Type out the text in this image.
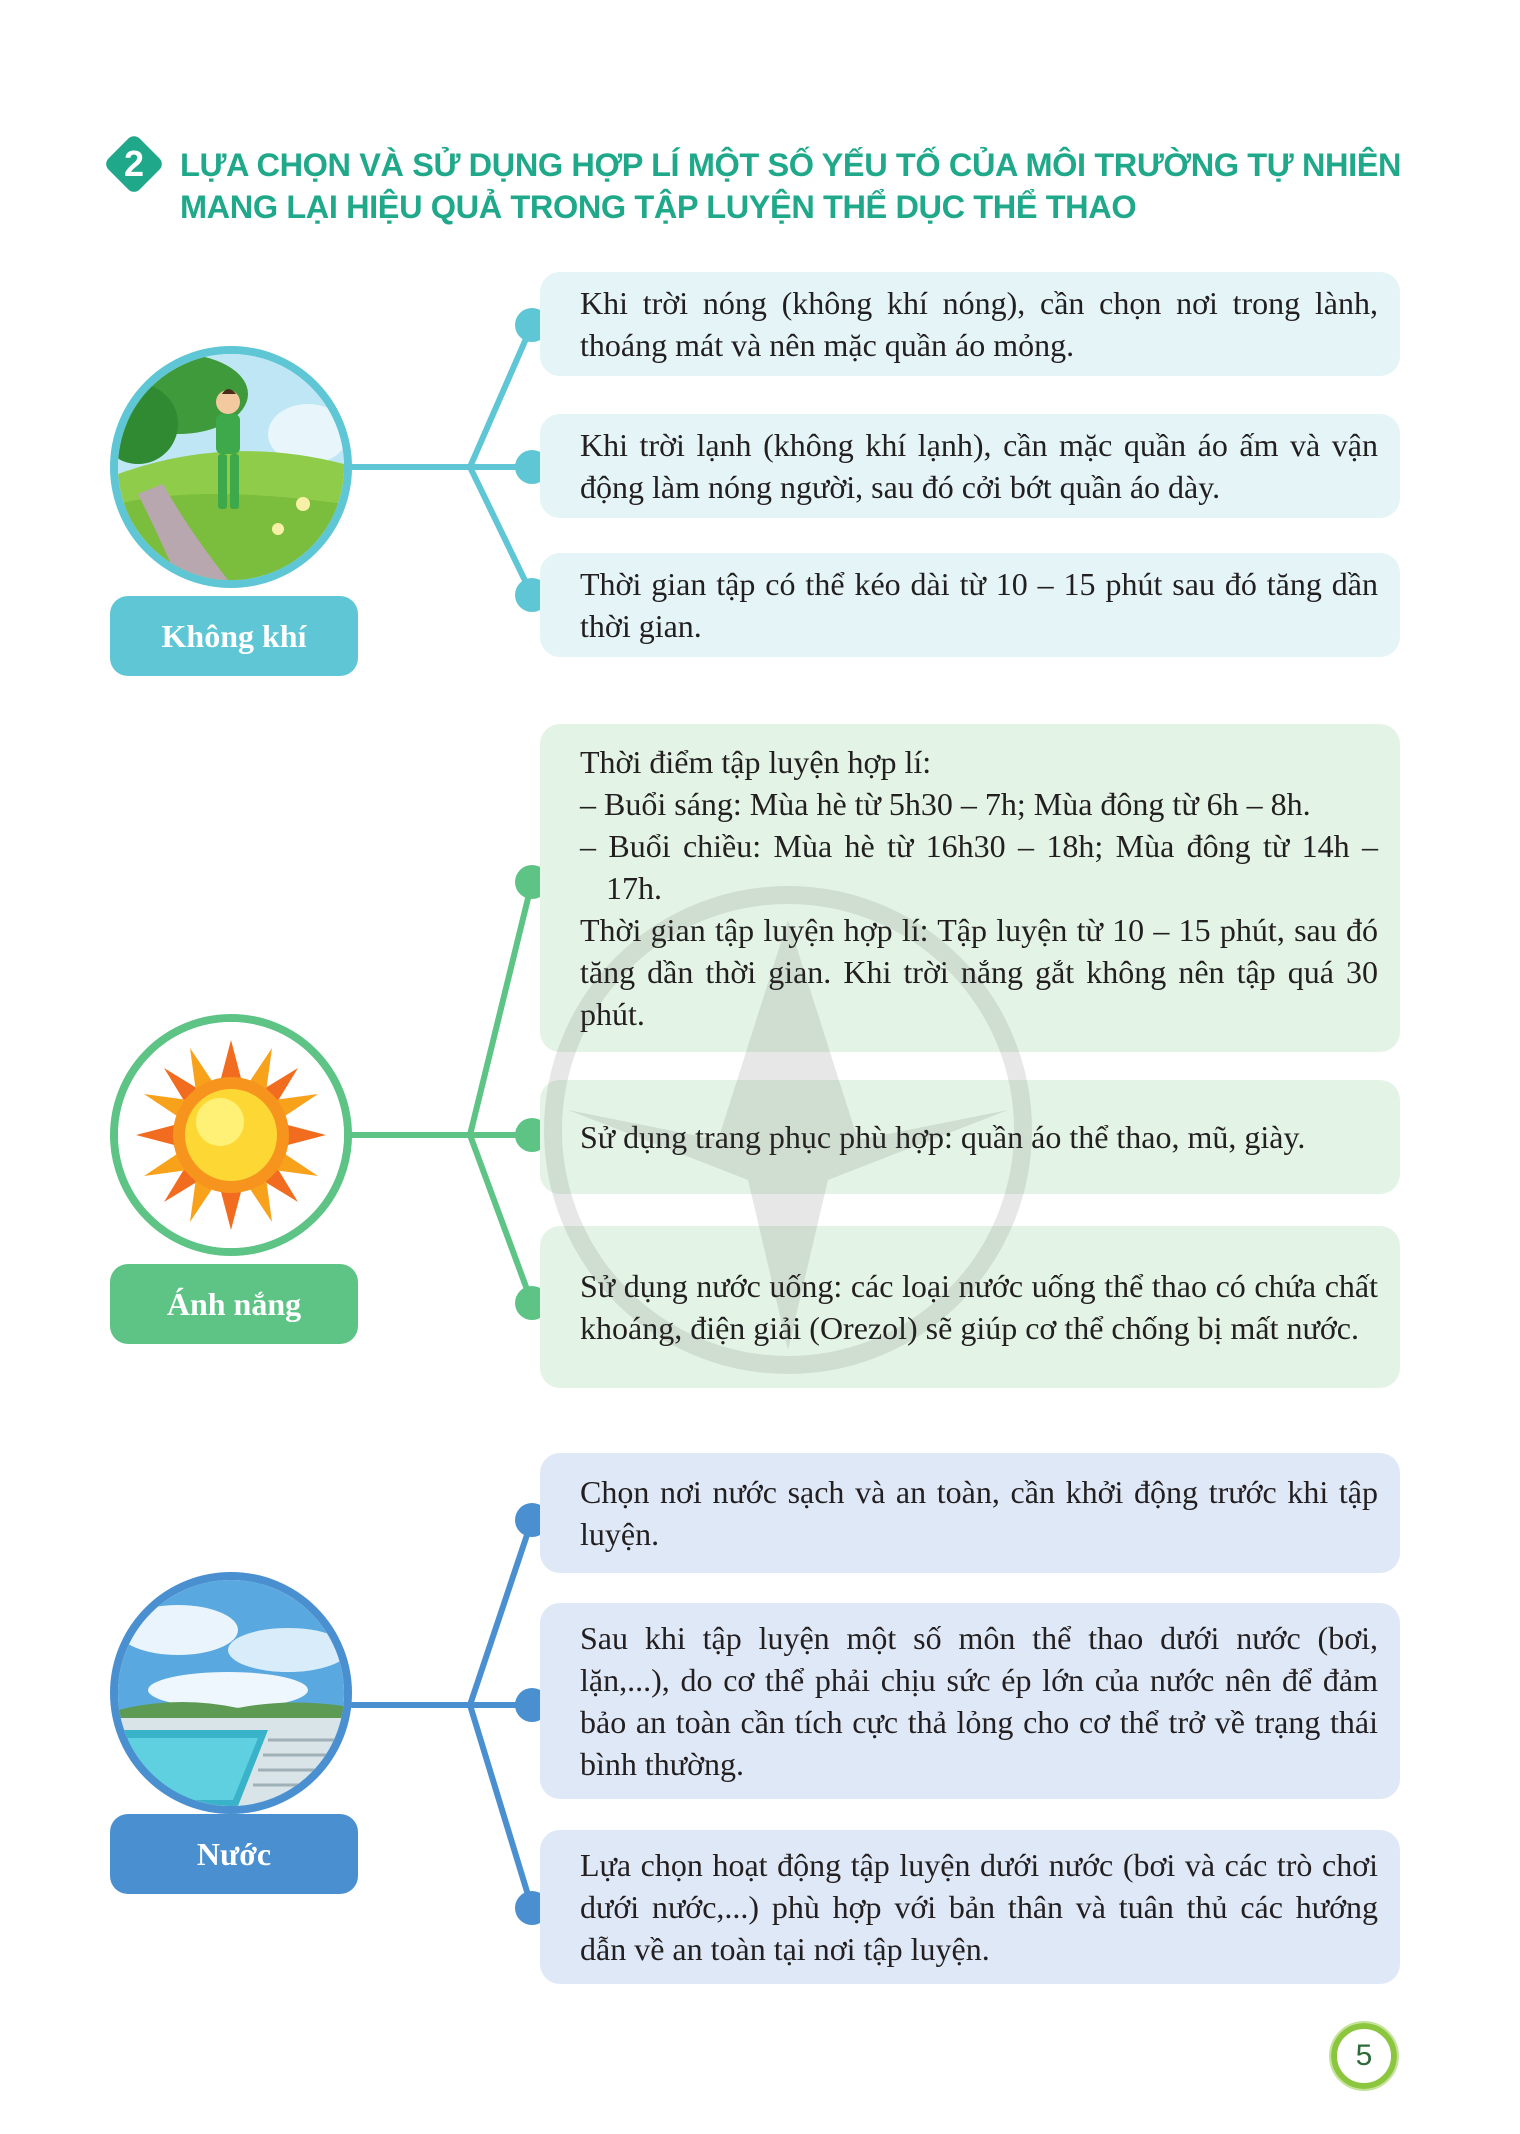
2	LỰA CHỌN VÀ SỬ DỤNG HỢP LÍ MỘT SỐ YẾU TỐ CỦA MÔI TRƯỜNG TỰ NHIÊN
MANG LẠI HIỆU QUẢ TRONG TẬP LUYỆN THỂ DỤC THỂ THAO
Không khí

Khi trời nóng (không khí nóng), cần chọn nơi trong lành, thoáng mát và nên mặc quần áo mỏng.

Khi trời lạnh (không khí lạnh), cần mặc quần áo ấm và vận động làm nóng người, sau đó cởi bớt quần áo dày.

Thời gian tập có thể kéo dài từ 10 – 15 phút sau đó tăng dần thời gian.

Ánh nắng

Thời điểm tập luyện hợp lí:

– Buổi sáng: Mùa hè từ 5h30 – 7h; Mùa đông từ 6h – 8h.

– Buổi chiều: Mùa hè từ 16h30 – 18h; Mùa đông từ 14h – 17h.

Thời gian tập luyện hợp lí: Tập luyện từ 10 – 15 phút, sau đó tăng dần thời gian. Khi trời nắng gắt không nên tập quá 30 phút.

Sử dụng trang phục phù hợp: quần áo thể thao, mũ, giày.

Sử dụng nước uống: các loại nước uống thể thao có chứa chất khoáng, điện giải (Orezol) sẽ giúp cơ thể chống bị mất nước.

Nước

Chọn nơi nước sạch và an toàn, cần khởi động trước khi tập luyện.

Sau khi tập luyện một số môn thể thao dưới nước (bơi, lặn,...), do cơ thể phải chịu sức ép lớn của nước nên để đảm bảo an toàn cần tích cực thả lỏng cho cơ thể trở về trạng thái bình thường.

Lựa chọn hoạt động tập luyện dưới nước (bơi và các trò chơi dưới nước,...) phù hợp với bản thân và tuân thủ các hướng dẫn về an toàn tại nơi tập luyện.

5
